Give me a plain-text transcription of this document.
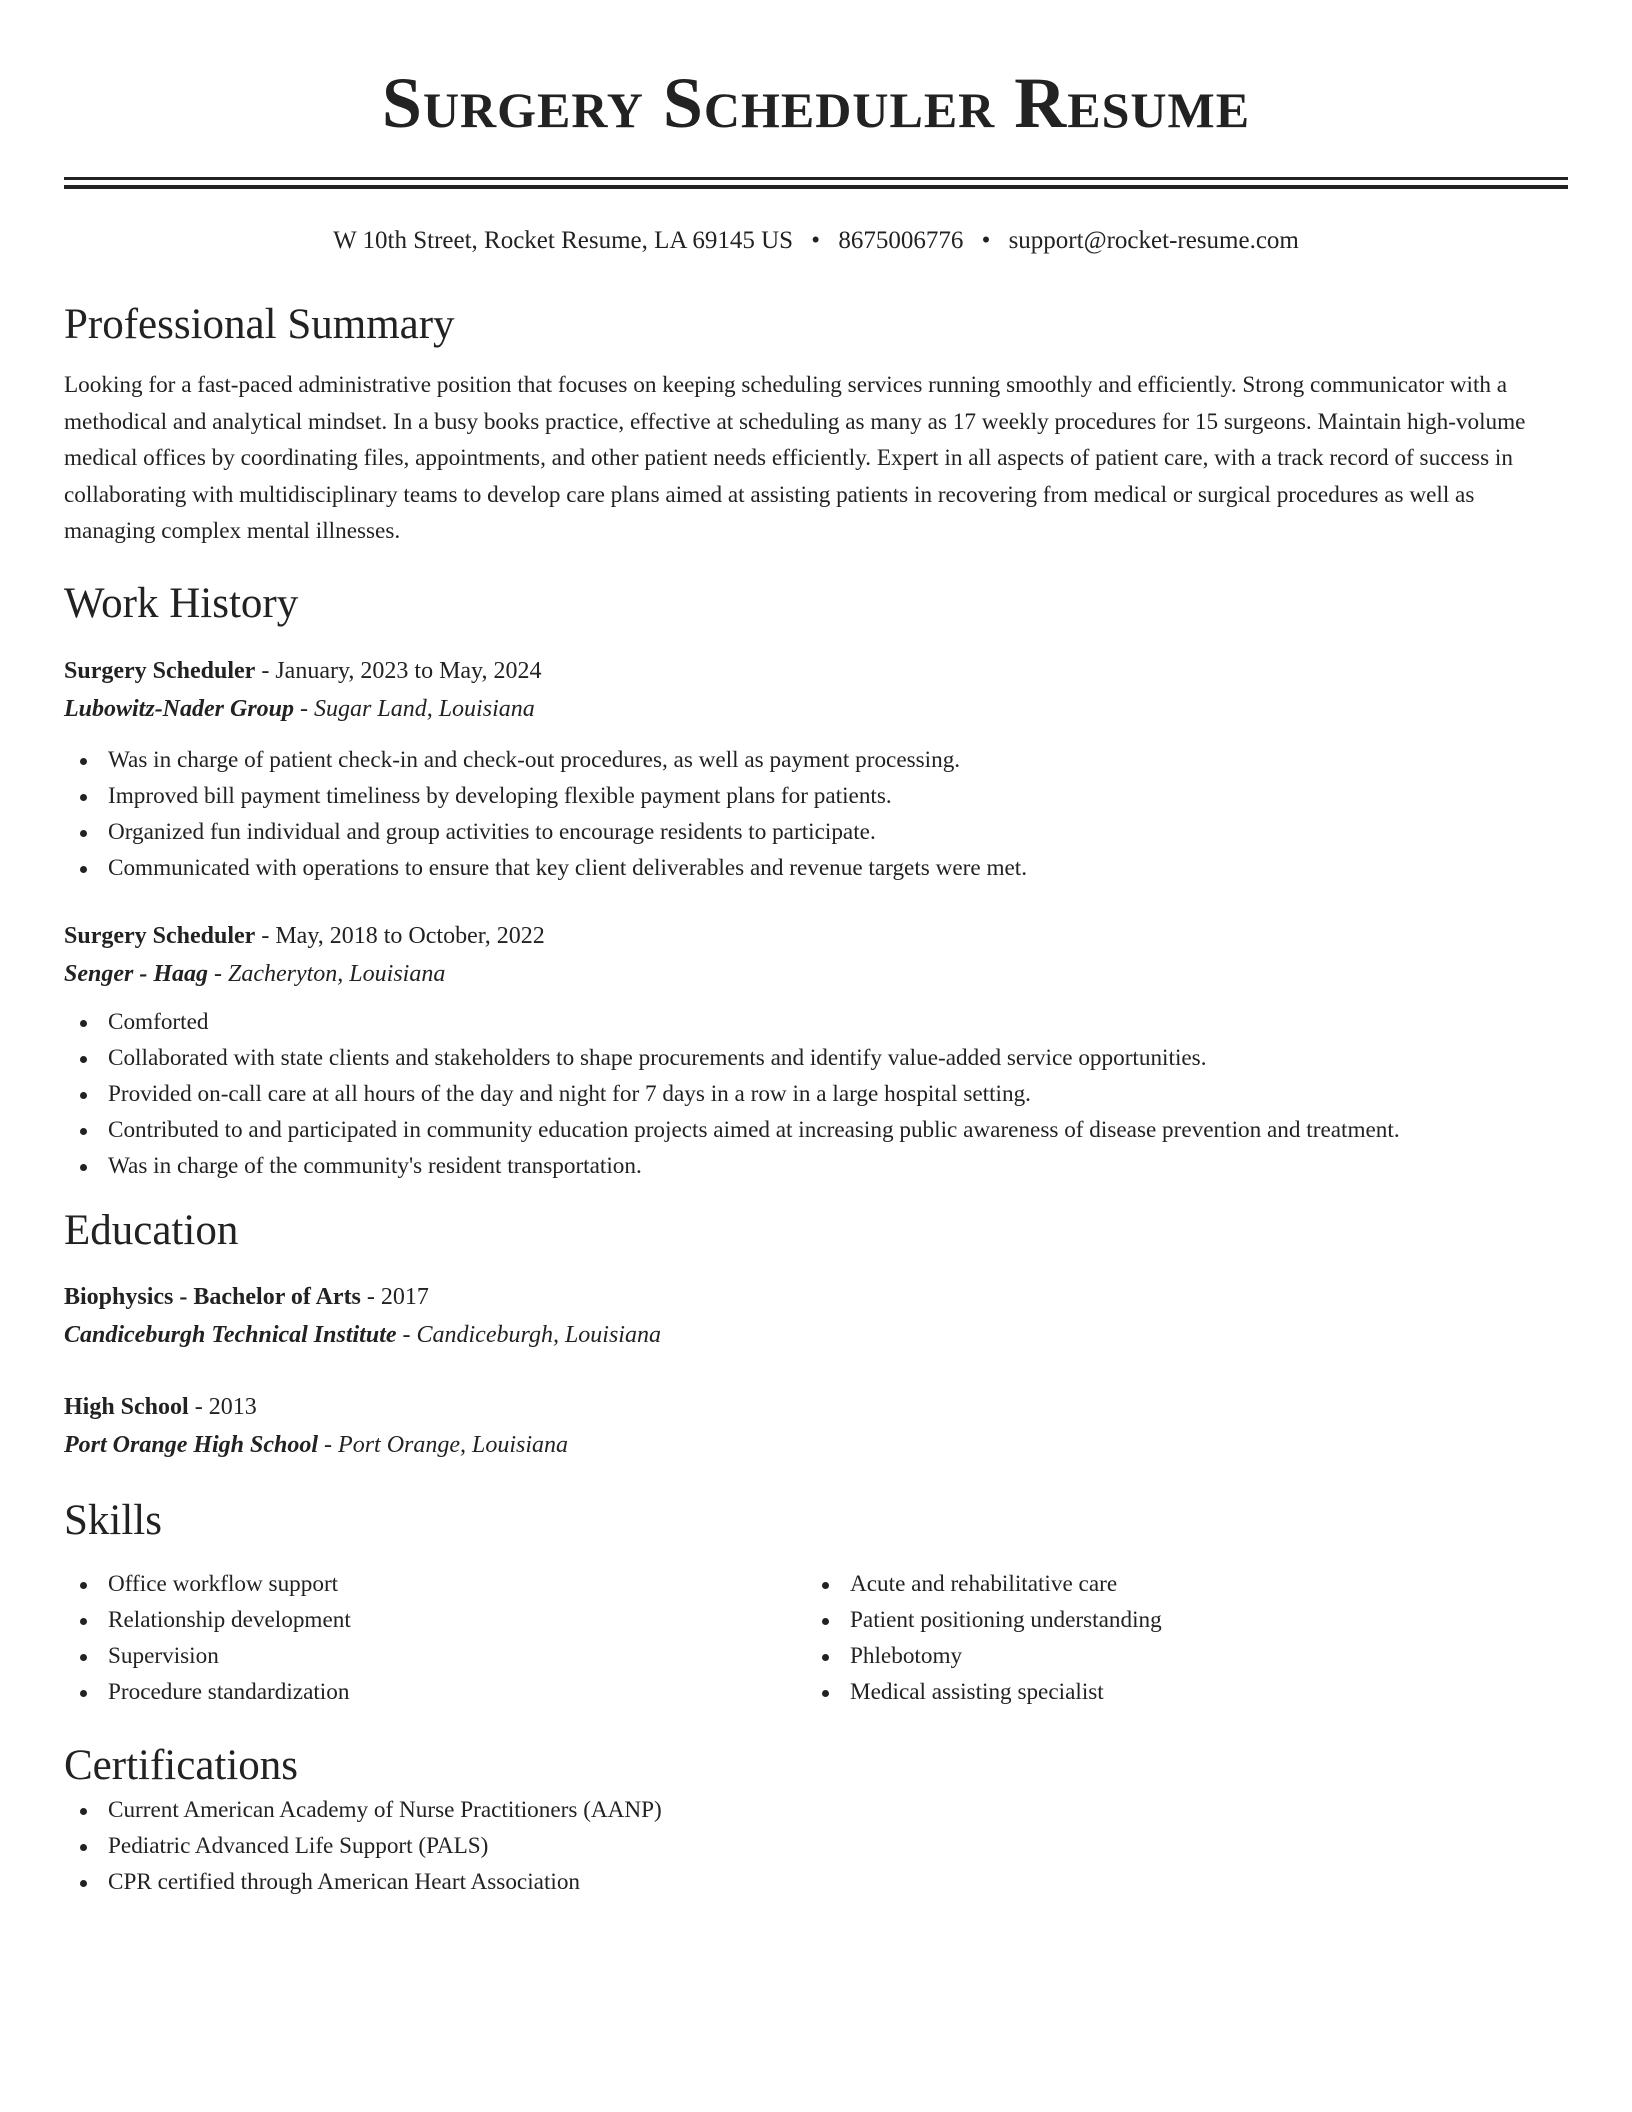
Surgery Scheduler Resume
W 10th Street, Rocket Resume, LA 69145 US • 8675006776 • support@rocket-resume.com
Professional Summary

Looking for a fast-paced administrative position that focuses on keeping scheduling services running smoothly and efficiently. Strong communicator with a methodical and analytical mindset. In a busy books practice, effective at scheduling as many as 17 weekly procedures for 15 surgeons. Maintain high-volume medical offices by coordinating files, appointments, and other patient needs efficiently. Expert in all aspects of patient care, with a track record of success in collaborating with multidisciplinary teams to develop care plans aimed at assisting patients in recovering from medical or surgical procedures as well as managing complex mental illnesses.

Work History
Surgery Scheduler - January, 2023 to May, 2024
Lubowitz-Nader Group - Sugar Land, Louisiana
Was in charge of patient check-in and check-out procedures, as well as payment processing.
Improved bill payment timeliness by developing flexible payment plans for patients.
Organized fun individual and group activities to encourage residents to participate.
Communicated with operations to ensure that key client deliverables and revenue targets were met.
Surgery Scheduler - May, 2018 to October, 2022
Senger - Haag - Zacheryton, Louisiana
Comforted
Collaborated with state clients and stakeholders to shape procurements and identify value-added service opportunities.
Provided on-call care at all hours of the day and night for 7 days in a row in a large hospital setting.
Contributed to and participated in community education projects aimed at increasing public awareness of disease prevention and treatment.
Was in charge of the community's resident transportation.
Education
Biophysics - Bachelor of Arts - 2017
Candiceburgh Technical Institute - Candiceburgh, Louisiana
High School - 2013
Port Orange High School - Port Orange, Louisiana
Skills
Office workflow support
Relationship development
Supervision
Procedure standardization
Acute and rehabilitative care
Patient positioning understanding
Phlebotomy
Medical assisting specialist
Certifications
Current American Academy of Nurse Practitioners (AANP)
Pediatric Advanced Life Support (PALS)
CPR certified through American Heart Association
